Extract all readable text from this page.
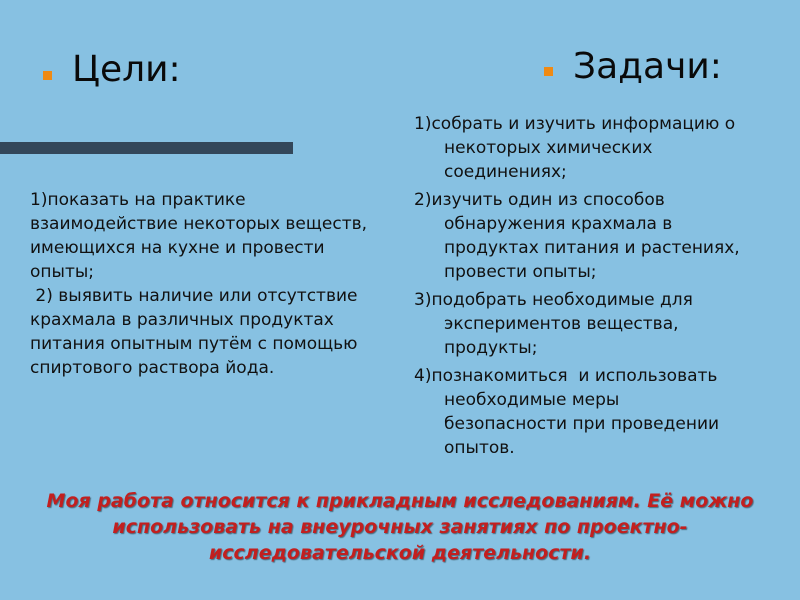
Цели:	Задачи:

1)показать на практике взаимодействие некоторых веществ, имеющихся на кухне и провести опыты;

2) выявить наличие или отсутствие крахмала в различных продуктах питания опытным путём с помощью спиртового раствора йода.

1)собрать и изучить информацию о некоторых химических соединениях;
2)изучить один из способов обнаружения крахмала в продуктах питания и растениях, провести опыты;
3)подобрать необходимые для экспериментов вещества, продукты;
4)познакомиться  и использовать необходимые меры безопасности при проведении опытов.
Моя работа относится к прикладным исследованиям. Её можно использовать на внеурочных занятиях по проектно-исследовательской деятельности.
